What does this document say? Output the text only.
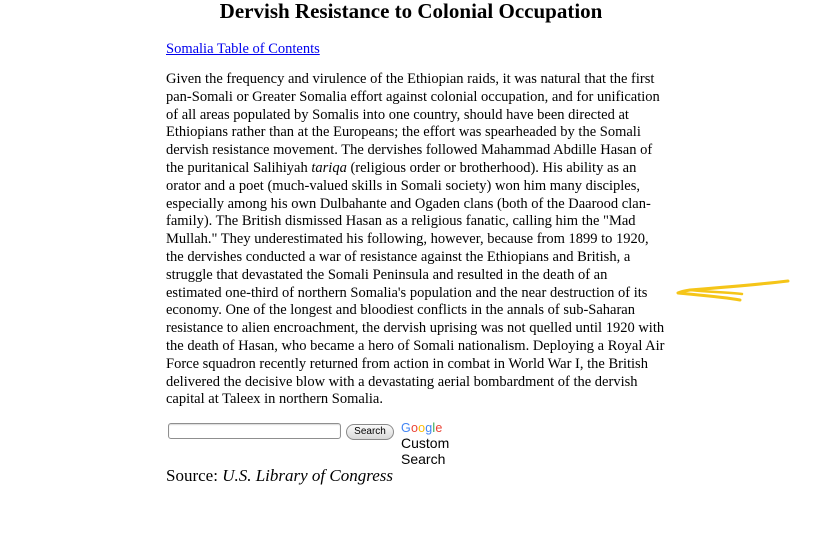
Dervish Resistance to Colonial Occupation
Somalia Table of Contents

Given the frequency and virulence of the Ethiopian raids, it was natural that the first
pan-Somali or Greater Somalia effort against colonial occupation, and for unification
of all areas populated by Somalis into one country, should have been directed at
Ethiopians rather than at the Europeans; the effort was spearheaded by the Somali
dervish resistance movement. The dervishes followed Mahammad Abdille Hasan of
the puritanical Salihiyah tariqa (religious order or brotherhood). His ability as an
orator and a poet (much-valued skills in Somali society) won him many disciples,
especially among his own Dulbahante and Ogaden clans (both of the Daarood clan-
family). The British dismissed Hasan as a religious fanatic, calling him the "Mad
Mullah." They underestimated his following, however, because from 1899 to 1920,
the dervishes conducted a war of resistance against the Ethiopians and British, a
struggle that devastated the Somali Peninsula and resulted in the death of an
estimated one-third of northern Somalia's population and the near destruction of its
economy. One of the longest and bloodiest conflicts in the annals of sub-Saharan
resistance to alien encroachment, the dervish uprising was not quelled until 1920 with
the death of Hasan, who became a hero of Somali nationalism. Deploying a Royal Air
Force squadron recently returned from action in combat in World War I, the British
delivered the decisive blow with a devastating aerial bombardment of the dervish
capital at Taleex in northern Somalia.

Search	Google
Custom Search

Source: U.S. Library of Congress
